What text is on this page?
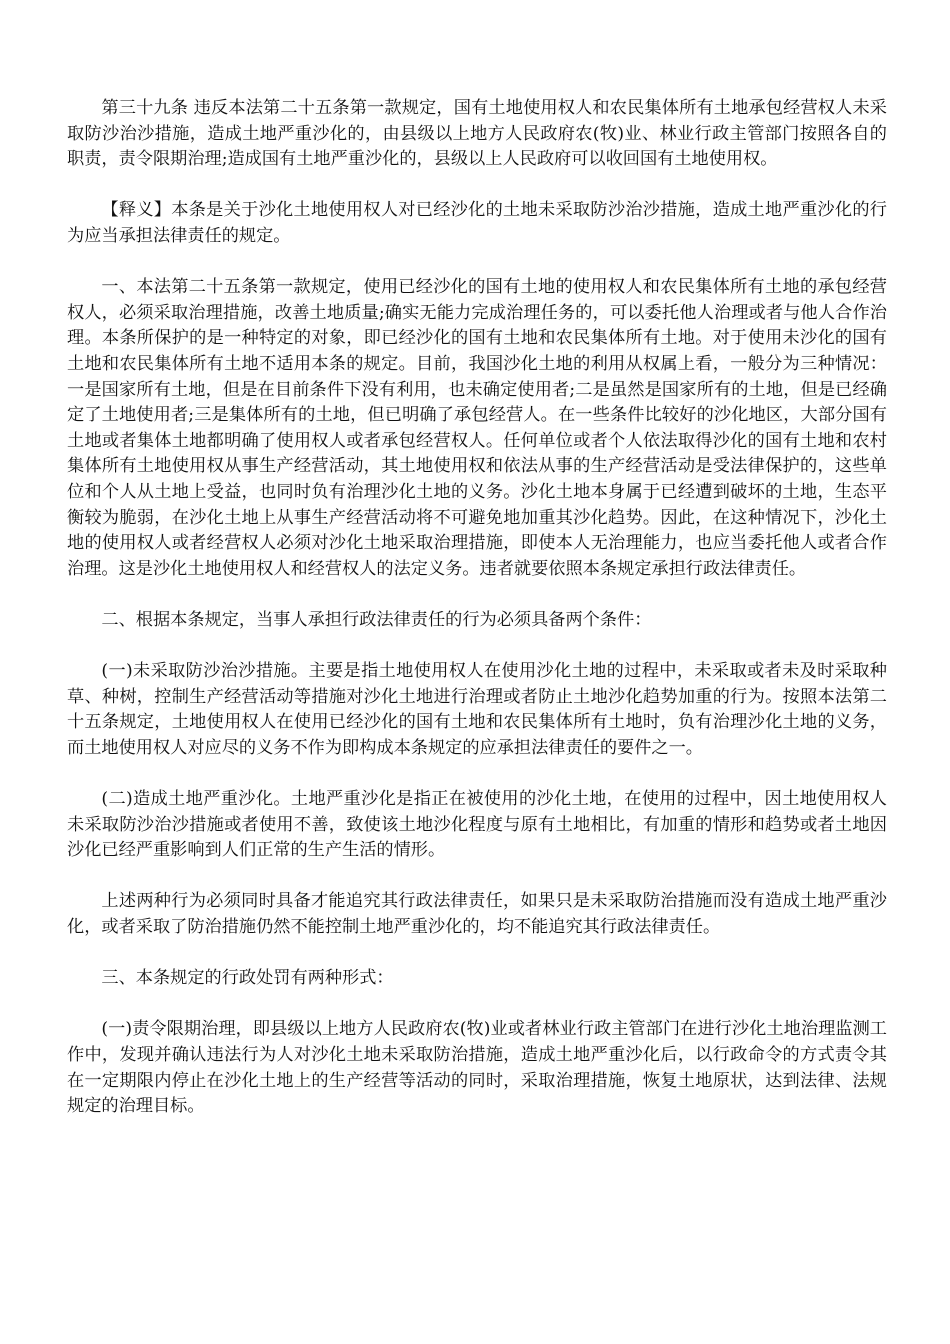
第三十九条 违反本法第二十五条第一款规定，国有土地使用权人和农民集体所有土地承包经营权人未采取防沙治沙措施，造成土地严重沙化的，由县级以上地方人民政府农(牧)业、林业行政主管部门按照各自的职责，责令限期治理;造成国有土地严重沙化的，县级以上人民政府可以收回国有土地使用权。

【释义】本条是关于沙化土地使用权人对已经沙化的土地未采取防沙治沙措施，造成土地严重沙化的行为应当承担法律责任的规定。

一、本法第二十五条第一款规定，使用已经沙化的国有土地的使用权人和农民集体所有土地的承包经营权人，必须采取治理措施，改善土地质量;确实无能力完成治理任务的，可以委托他人治理或者与他人合作治理。本条所保护的是一种特定的对象，即已经沙化的国有土地和农民集体所有土地。对于使用未沙化的国有土地和农民集体所有土地不适用本条的规定。目前，我国沙化土地的利用从权属上看，一般分为三种情况：一是国家所有土地，但是在目前条件下没有利用，也未确定使用者;二是虽然是国家所有的土地，但是已经确定了土地使用者;三是集体所有的土地，但已明确了承包经营人。在一些条件比较好的沙化地区，大部分国有土地或者集体土地都明确了使用权人或者承包经营权人。任何单位或者个人依法取得沙化的国有土地和农村集体所有土地使用权从事生产经营活动，其土地使用权和依法从事的生产经营活动是受法律保护的，这些单位和个人从土地上受益，也同时负有治理沙化土地的义务。沙化土地本身属于已经遭到破坏的土地，生态平衡较为脆弱，在沙化土地上从事生产经营活动将不可避免地加重其沙化趋势。因此，在这种情况下，沙化土地的使用权人或者经营权人必须对沙化土地采取治理措施，即使本人无治理能力，也应当委托他人或者合作治理。这是沙化土地使用权人和经营权人的法定义务。违者就要依照本条规定承担行政法律责任。

二、根据本条规定，当事人承担行政法律责任的行为必须具备两个条件：

(一)未采取防沙治沙措施。主要是指土地使用权人在使用沙化土地的过程中，未采取或者未及时采取种草、种树，控制生产经营活动等措施对沙化土地进行治理或者防止土地沙化趋势加重的行为。按照本法第二十五条规定，土地使用权人在使用已经沙化的国有土地和农民集体所有土地时，负有治理沙化土地的义务，而土地使用权人对应尽的义务不作为即构成本条规定的应承担法律责任的要件之一。

(二)造成土地严重沙化。土地严重沙化是指正在被使用的沙化土地，在使用的过程中，因土地使用权人未采取防沙治沙措施或者使用不善，致使该土地沙化程度与原有土地相比，有加重的情形和趋势或者土地因沙化已经严重影响到人们正常的生产生活的情形。

上述两种行为必须同时具备才能追究其行政法律责任，如果只是未采取防治措施而没有造成土地严重沙化，或者采取了防治措施仍然不能控制土地严重沙化的，均不能追究其行政法律责任。

三、本条规定的行政处罚有两种形式：

(一)责令限期治理，即县级以上地方人民政府农(牧)业或者林业行政主管部门在进行沙化土地治理监测工作中，发现并确认违法行为人对沙化土地未采取防治措施，造成土地严重沙化后，以行政命令的方式责令其在一定期限内停止在沙化土地上的生产经营等活动的同时，采取治理措施，恢复土地原状，达到法律、法规规定的治理目标。
